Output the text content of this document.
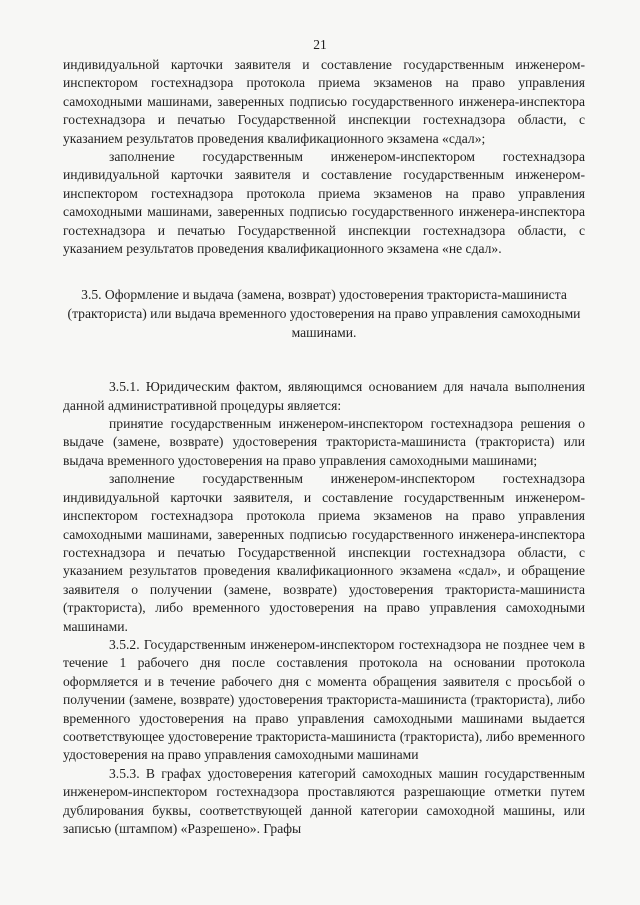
21

индивидуальной карточки заявителя и составление государственным инженером-инспектором гостехнадзора протокола приема экзаменов на право управления самоходными машинами, заверенных подписью государственного инженера-инспектора гостехнадзора и печатью Государственной инспекции гостехнадзора области, с указанием результатов проведения квалификационного экзамена «сдал»;

заполнение государственным инженером-инспектором гостехнадзора индивидуальной карточки заявителя и составление государственным инженером-инспектором гостехнадзора протокола приема экзаменов на право управления самоходными машинами, заверенных подписью государственного инженера-инспектора гостехнадзора и печатью Государственной инспекции гостехнадзора области, с указанием результатов проведения квалификационного экзамена «не сдал».

3.5. Оформление и выдача (замена, возврат) удостоверения тракториста-машиниста (тракториста) или выдача временного удостоверения на право управления самоходными машинами.

3.5.1. Юридическим фактом, являющимся основанием для начала выполнения данной административной процедуры является:

принятие государственным инженером-инспектором гостехнадзора решения о выдаче (замене, возврате) удостоверения тракториста-машиниста (тракториста) или выдача временного удостоверения на право управления самоходными машинами;

заполнение государственным инженером-инспектором гостехнадзора индивидуальной карточки заявителя, и составление государственным инженером-инспектором гостехнадзора протокола приема экзаменов на право управления самоходными машинами, заверенных подписью государственного инженера-инспектора гостехнадзора и печатью Государственной инспекции гостехнадзора области, с указанием результатов проведения квалификационного экзамена «сдал», и обращение заявителя о получении (замене, возврате) удостоверения тракториста-машиниста (тракториста), либо временного удостоверения на право управления самоходными машинами.

3.5.2. Государственным инженером-инспектором гостехнадзора не позднее чем в течение 1 рабочего дня после составления протокола на основании протокола оформляется и в течение рабочего дня с момента обращения заявителя с просьбой о получении (замене, возврате) удостоверения тракториста-машиниста (тракториста), либо временного удостоверения на право управления самоходными машинами выдается соответствующее удостоверение тракториста-машиниста (тракториста), либо временного удостоверения на право управления самоходными машинами

3.5.3. В графах удостоверения категорий самоходных машин государственным инженером-инспектором гостехнадзора проставляются разрешающие отметки путем дублирования буквы, соответствующей данной категории самоходной машины, или записью (штампом) «Разрешено». Графы
